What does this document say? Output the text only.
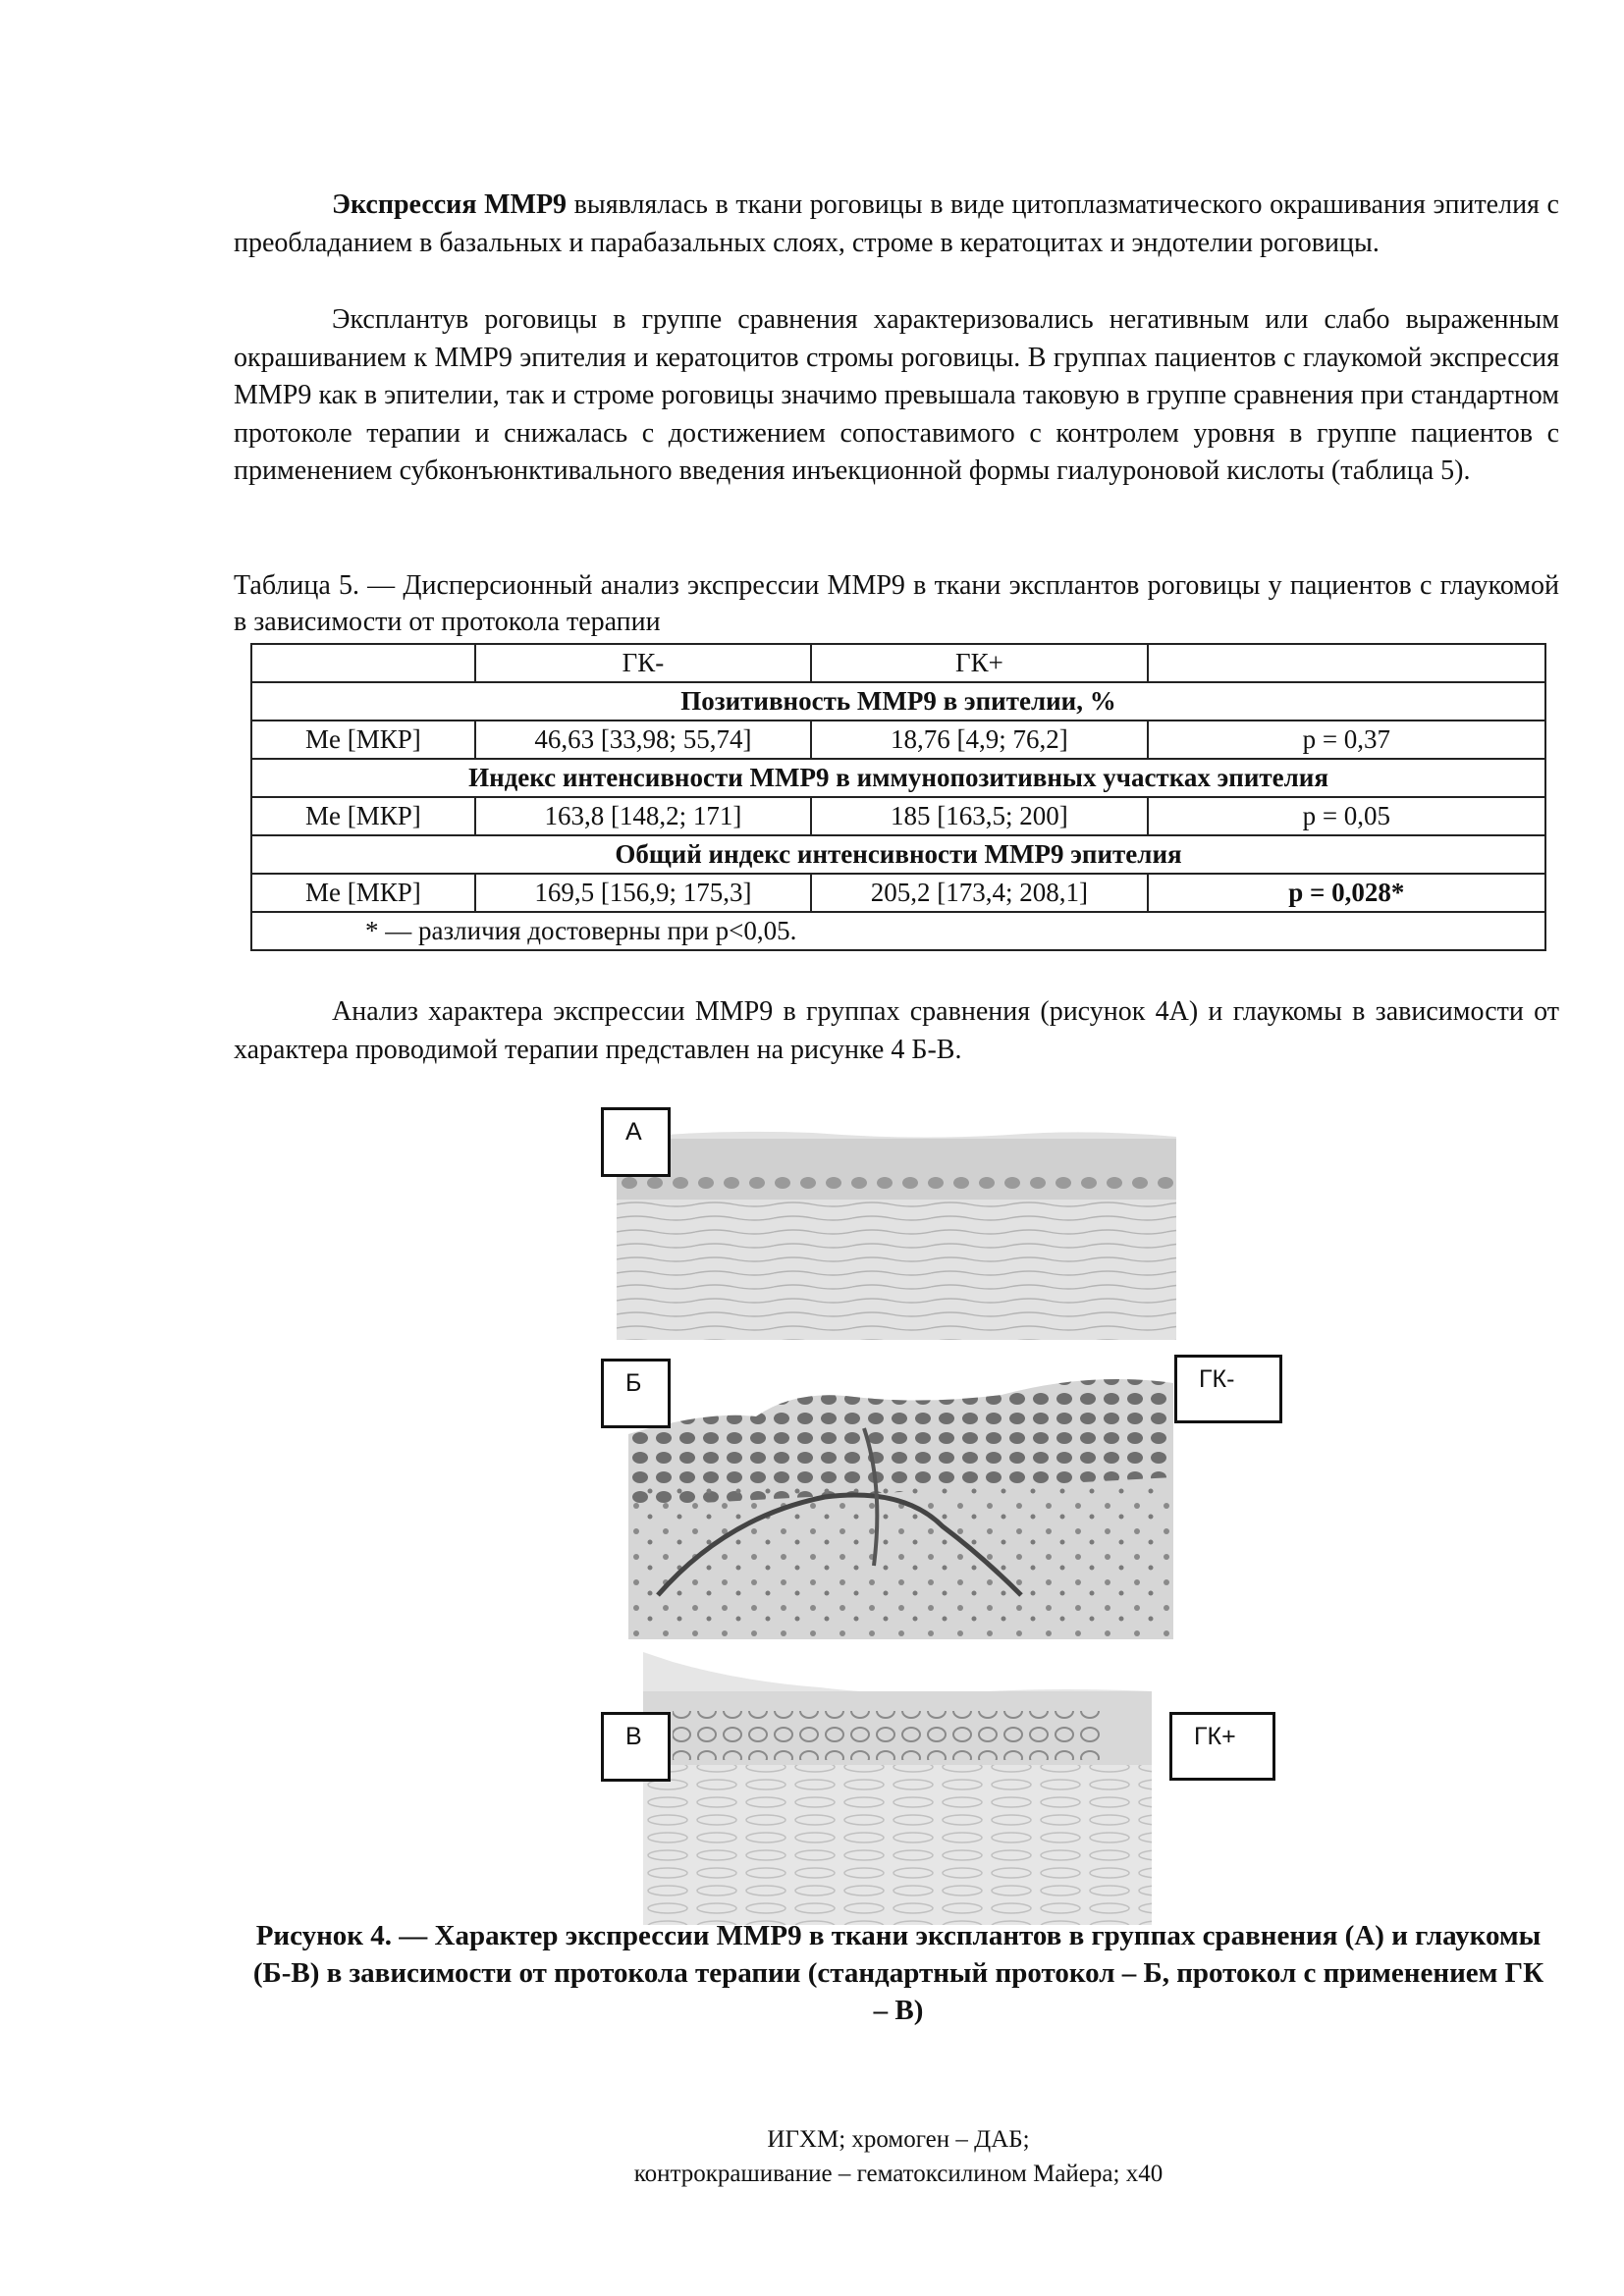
Экспрессия ММР9 выявлялась в ткани роговицы в виде цитоплазматического окрашивания эпителия с преобладанием в базальных и парабазальных слоях, строме в кератоцитах и эндотелии роговицы.
Эксплантув роговицы в группе сравнения характеризовались негативным или слабо выраженным окрашиванием к ММР9 эпителия и кератоцитов стромы роговицы. В группах пациентов с глаукомой экспрессия ММР9 как в эпителии, так и строме роговицы значимо превышала таковую в группе сравнения при стандартном протоколе терапии и снижалась с достижением сопоставимого с контролем уровня в группе пациентов с применением субконъюнктивального введения инъекционной формы гиалуроновой кислоты (таблица 5).
Таблица 5. — Дисперсионный анализ экспрессии ММР9 в ткани эксплантов роговицы у пациентов с глаукомой в зависимости от протокола терапии
	ГК-	ГК+	
Позитивность ММР9 в эпителии, %			
Me [МКР]	46,63 [33,98; 55,74]	18,76 [4,9; 76,2]	p = 0,37
Индекс интенсивности ММР9 в иммунопозитивных участках эпителия			
Me [МКР]	163,8 [148,2; 171]	185 [163,5; 200]	p = 0,05
Общий индекс интенсивности ММР9 эпителия			
Me [МКР]	169,5 [156,9; 175,3]	205,2 [173,4; 208,1]	p = 0,028*
* — различия достоверны при p<0,05.			
Анализ характера экспрессии ММР9 в группах сравнения (рисунок 4А) и глаукомы в зависимости от характера проводимой терапии представлен на рисунке 4 Б-В.
А
Б
В
ГК-
ГК+
Рисунок 4. — Характер экспрессии ММР9 в ткани эксплантов в группах сравнения (А) и глаукомы (Б-В) в зависимости от протокола терапии (стандартный протокол – Б, протокол с применением ГК – В)
ИГХМ; хромоген – ДАБ;
контрокрашивание – гематоксилином Майера; x40
